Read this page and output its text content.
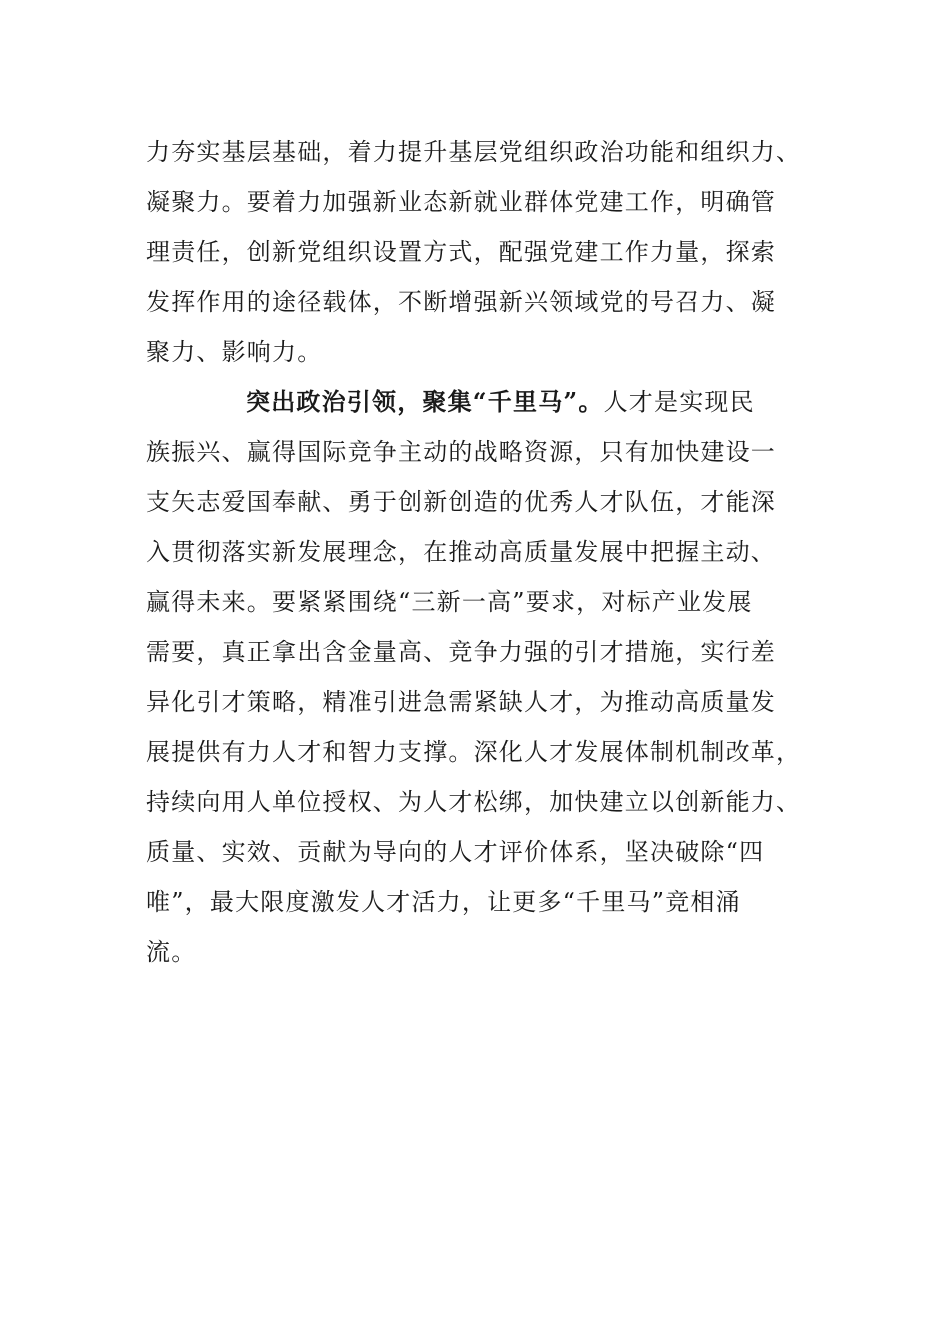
力夯实基层基础，着力提升基层党组织政治功能和组织力、
凝聚力。要着力加强新业态新就业群体党建工作，明确管
理责任，创新党组织设置方式，配强党建工作力量，探索
发挥作用的途径载体，不断增强新兴领域党的号召力、凝
聚力、影响力。
突出政治引领，聚集“千里马”。人才是实现民
族振兴、赢得国际竞争主动的战略资源，只有加快建设一
支矢志爱国奉献、勇于创新创造的优秀人才队伍，才能深
入贯彻落实新发展理念，在推动高质量发展中把握主动、
赢得未来。要紧紧围绕“三新一高”要求，对标产业发展
需要，真正拿出含金量高、竞争力强的引才措施，实行差
异化引才策略，精准引进急需紧缺人才，为推动高质量发
展提供有力人才和智力支撑。深化人才发展体制机制改革，
持续向用人单位授权、为人才松绑，加快建立以创新能力、
质量、实效、贡献为导向的人才评价体系，坚决破除“四
唯”，最大限度激发人才活力，让更多“千里马”竞相涌
流。
